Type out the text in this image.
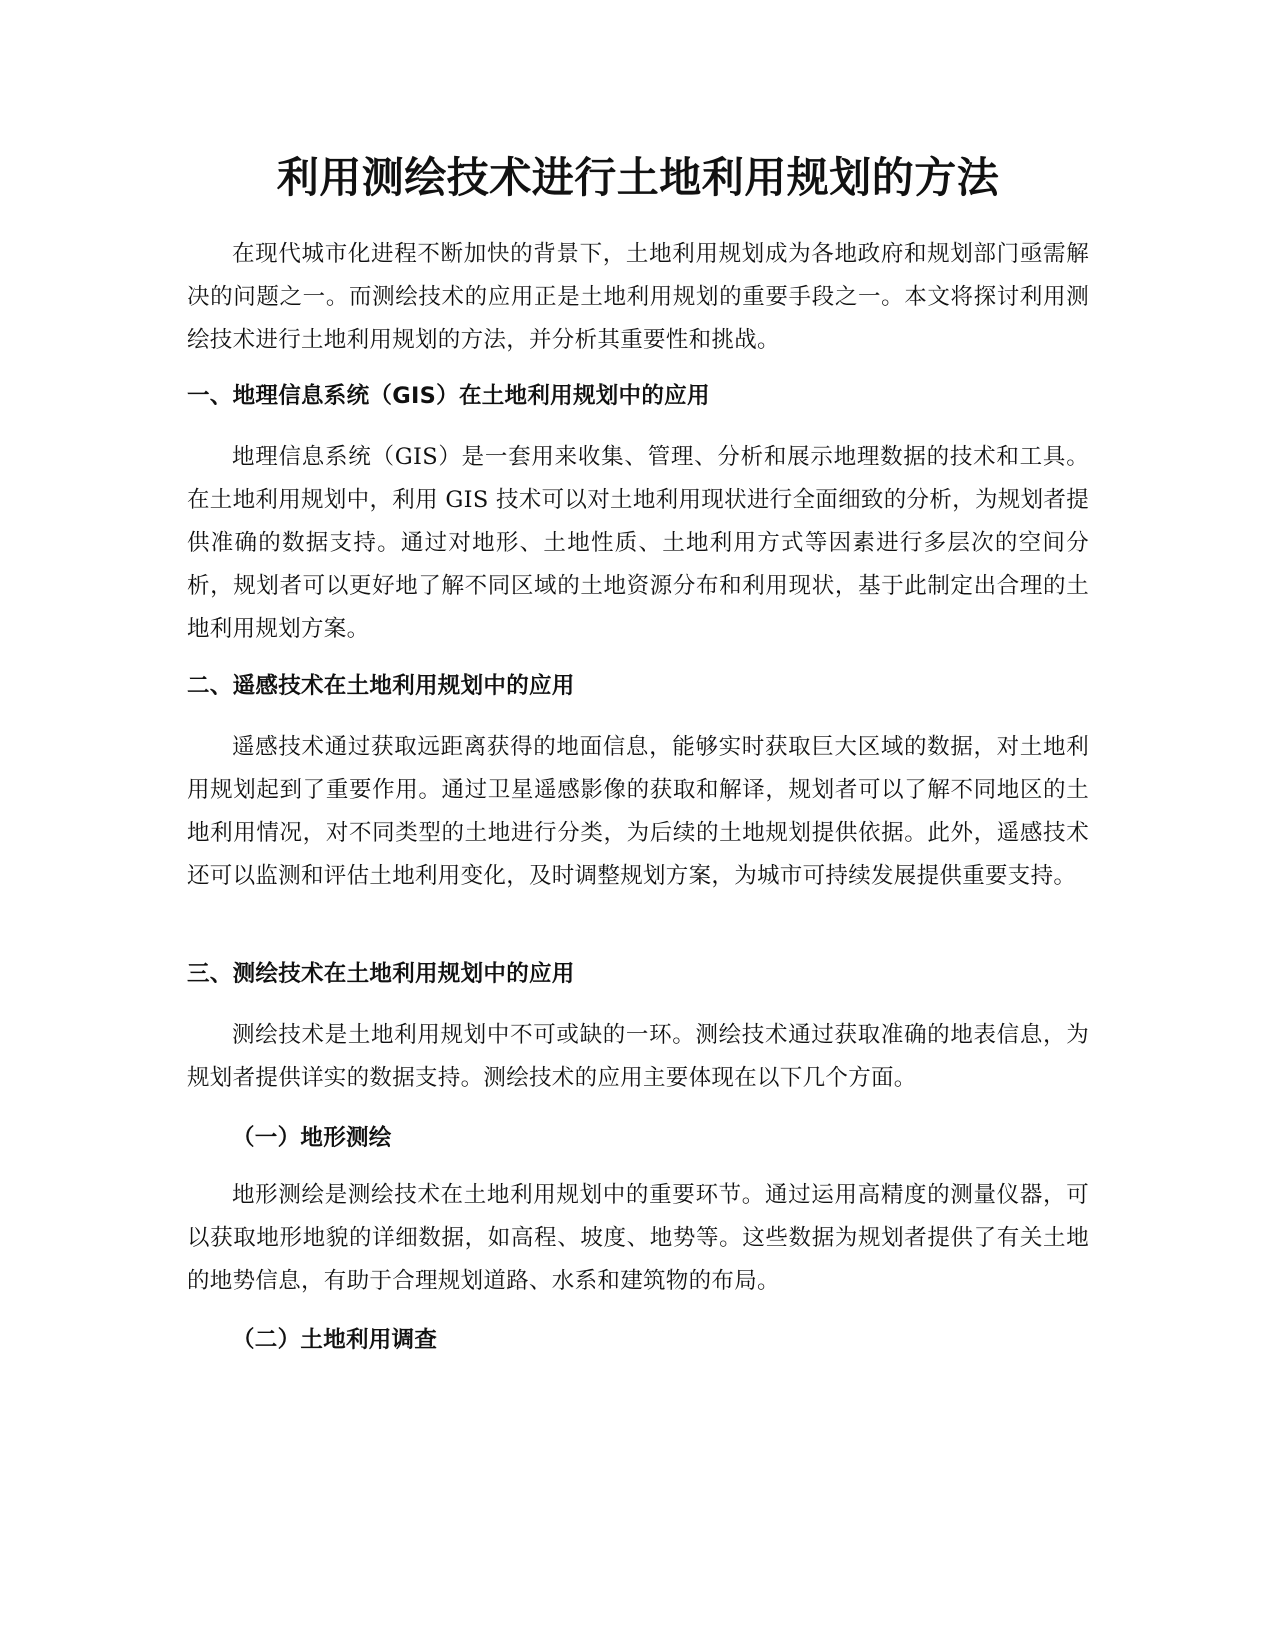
利用测绘技术进行土地利用规划的方法

在现代城市化进程不断加快的背景下，土地利用规划成为各地政府和规划部门亟需解决的问题之一。而测绘技术的应用正是土地利用规划的重要手段之一。本文将探讨利用测绘技术进行土地利用规划的方法，并分析其重要性和挑战。

一、地理信息系统（GIS）在土地利用规划中的应用

地理信息系统（GIS）是一套用来收集、管理、分析和展示地理数据的技术和工具。在土地利用规划中，利用 GIS 技术可以对土地利用现状进行全面细致的分析，为规划者提供准确的数据支持。通过对地形、土地性质、土地利用方式等因素进行多层次的空间分析，规划者可以更好地了解不同区域的土地资源分布和利用现状，基于此制定出合理的土地利用规划方案。

二、遥感技术在土地利用规划中的应用

遥感技术通过获取远距离获得的地面信息，能够实时获取巨大区域的数据，对土地利用规划起到了重要作用。通过卫星遥感影像的获取和解译，规划者可以了解不同地区的土地利用情况，对不同类型的土地进行分类，为后续的土地规划提供依据。此外，遥感技术还可以监测和评估土地利用变化，及时调整规划方案，为城市可持续发展提供重要支持。

三、测绘技术在土地利用规划中的应用

测绘技术是土地利用规划中不可或缺的一环。测绘技术通过获取准确的地表信息，为规划者提供详实的数据支持。测绘技术的应用主要体现在以下几个方面。

（一）地形测绘

地形测绘是测绘技术在土地利用规划中的重要环节。通过运用高精度的测量仪器，可以获取地形地貌的详细数据，如高程、坡度、地势等。这些数据为规划者提供了有关土地的地势信息，有助于合理规划道路、水系和建筑物的布局。

（二）土地利用调查
